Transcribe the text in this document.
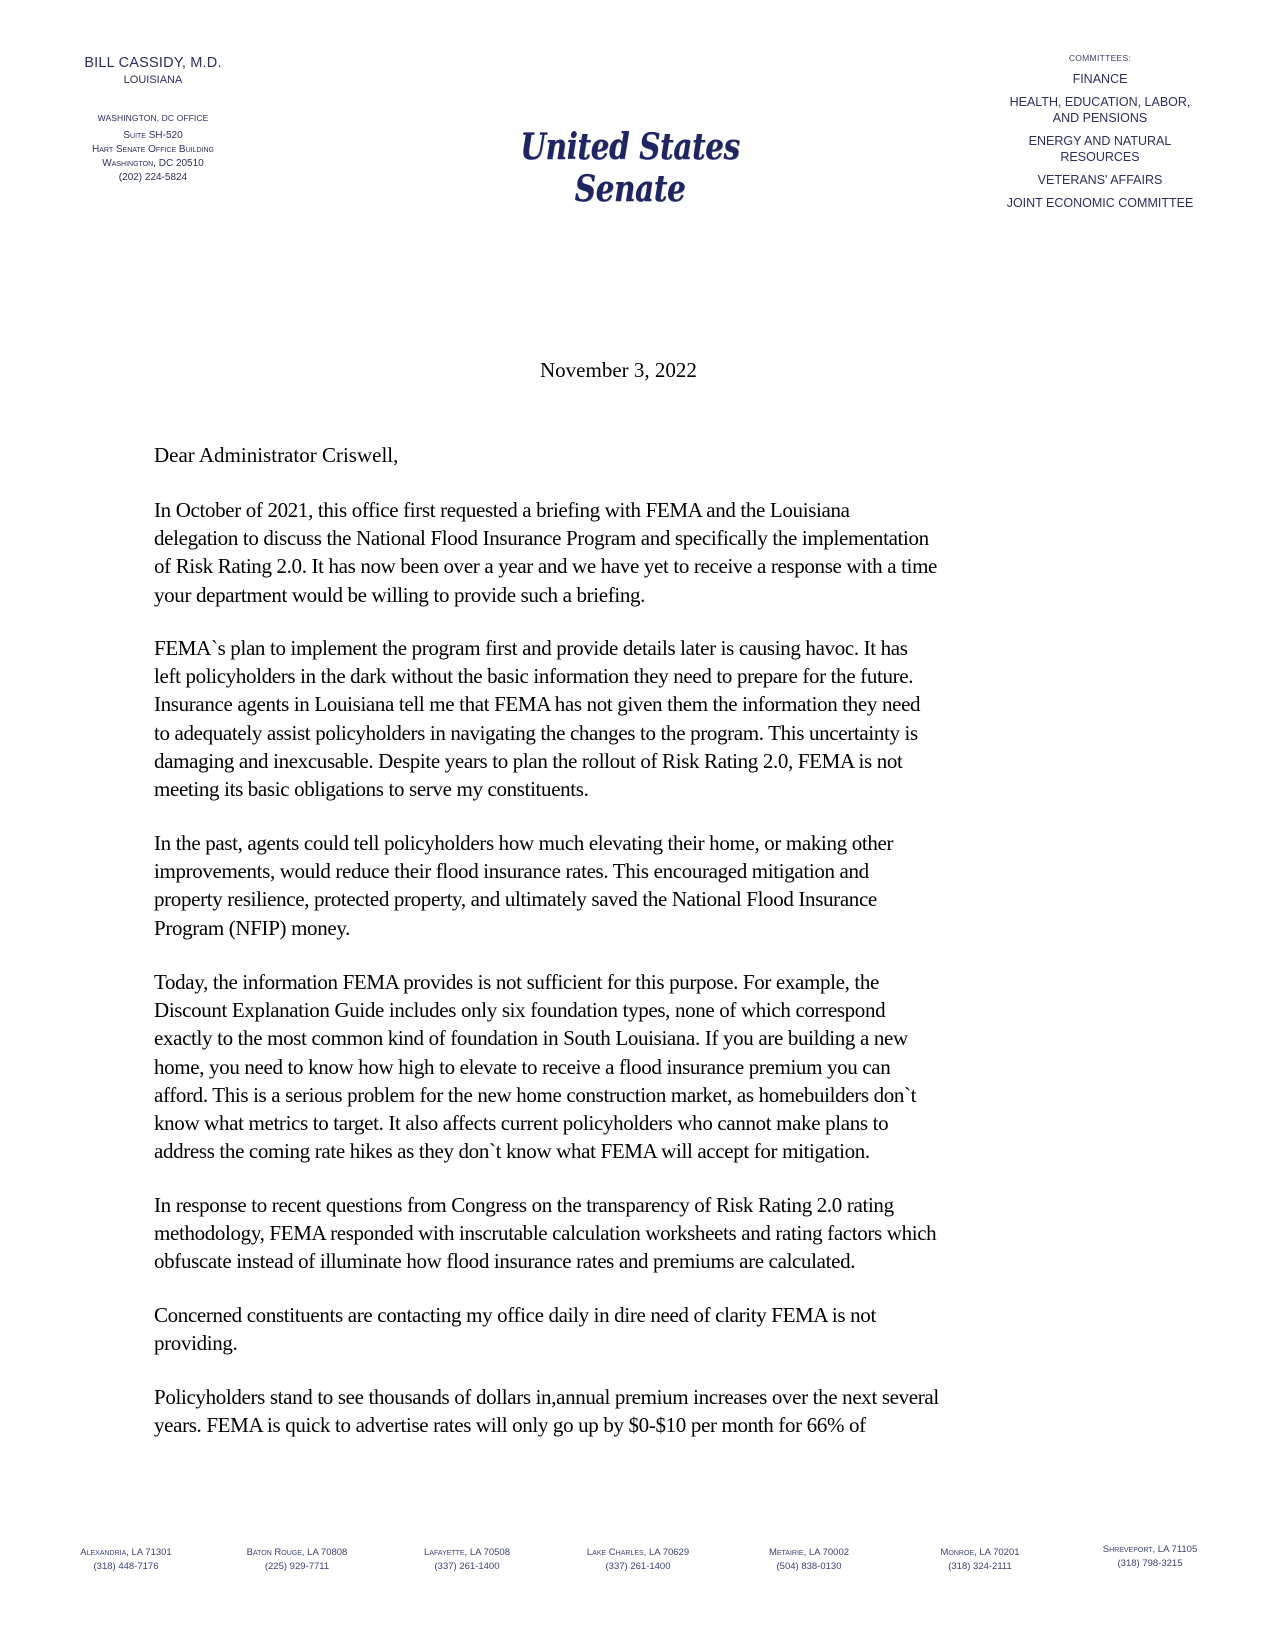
BILL CASSIDY, M.D.
LOUISIANA
WASHINGTON, DC OFFICE
Suite SH-520
Hart Senate Office Building
Washington, DC 20510
(202) 224-5824
United States Senate
COMMITTEES:
FINANCE
HEALTH, EDUCATION, LABOR,
AND PENSIONS
ENERGY AND NATURAL
RESOURCES
VETERANS' AFFAIRS
JOINT ECONOMIC COMMITTEE
November 3, 2022
Dear Administrator Criswell,
In October of 2021, this office first requested a briefing with FEMA and the Louisiana
delegation to discuss the National Flood Insurance Program and specifically the implementation
of Risk Rating 2.0. It has now been over a year and we have yet to receive a response with a time
your department would be willing to provide such a briefing.
FEMA`s plan to implement the program first and provide details later is causing havoc. It has
left policyholders in the dark without the basic information they need to prepare for the future.
Insurance agents in Louisiana tell me that FEMA has not given them the information they need
to adequately assist policyholders in navigating the changes to the program. This uncertainty is
damaging and inexcusable. Despite years to plan the rollout of Risk Rating 2.0, FEMA is not
meeting its basic obligations to serve my constituents.
In the past, agents could tell policyholders how much elevating their home, or making other
improvements, would reduce their flood insurance rates. This encouraged mitigation and
property resilience, protected property, and ultimately saved the National Flood Insurance
Program (NFIP) money.
Today, the information FEMA provides is not sufficient for this purpose. For example, the
Discount Explanation Guide includes only six foundation types, none of which correspond
exactly to the most common kind of foundation in South Louisiana. If you are building a new
home, you need to know how high to elevate to receive a flood insurance premium you can
afford. This is a serious problem for the new home construction market, as homebuilders don`t
know what metrics to target. It also affects current policyholders who cannot make plans to
address the coming rate hikes as they don`t know what FEMA will accept for mitigation.
In response to recent questions from Congress on the transparency of Risk Rating 2.0 rating
methodology, FEMA responded with inscrutable calculation worksheets and rating factors which
obfuscate instead of illuminate how flood insurance rates and premiums are calculated.
Concerned constituents are contacting my office daily in dire need of clarity FEMA is not
providing.
Policyholders stand to see thousands of dollars in,annual premium increases over the next several
years. FEMA is quick to advertise rates will only go up by $0-$10 per month for 66% of
Alexandria, LA 71301
(318) 448-7176
Baton Rouge, LA 70808
(225) 929-7711
Lafayette, LA 70508
(337) 261-1400
Lake Charles, LA 70629
(337) 261-1400
Metairie, LA 70002
(504) 838-0130
Monroe, LA 70201
(318) 324-2111
Shreveport, LA 71105
(318) 798-3215
